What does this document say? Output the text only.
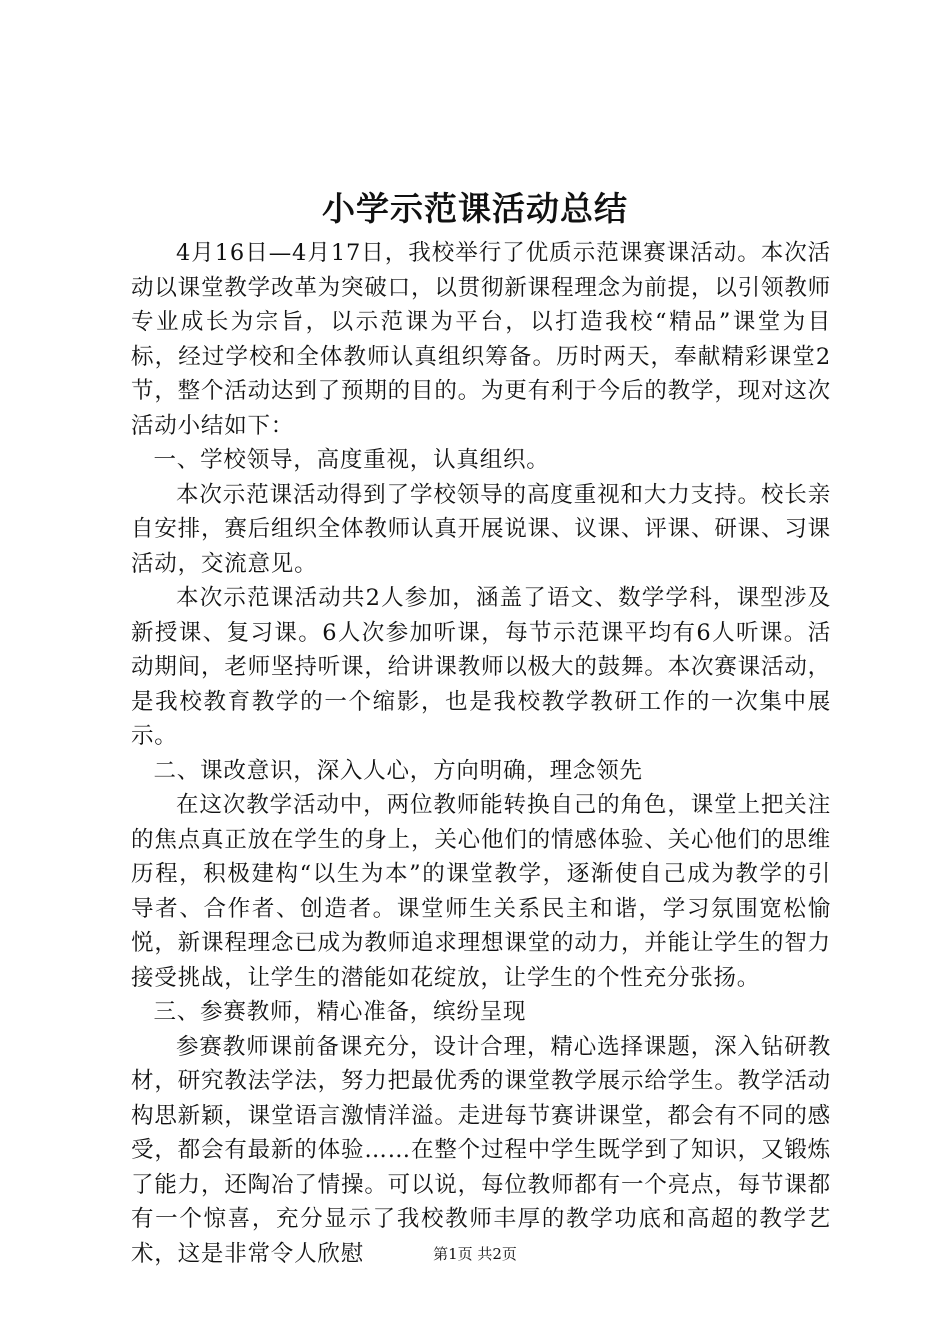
小学示范课活动总结

4月16日—4月17日，我校举行了优质示范课赛课活动。本次活动以课堂教学改革为突破口，以贯彻新课程理念为前提，以引领教师专业成长为宗旨，以示范课为平台，以打造我校“精品”课堂为目标，经过学校和全体教师认真组织筹备。历时两天，奉献精彩课堂2节，整个活动达到了预期的目的。为更有利于今后的教学，现对这次活动小结如下：

一、学校领导，高度重视，认真组织。

本次示范课活动得到了学校领导的高度重视和大力支持。校长亲自安排，赛后组织全体教师认真开展说课、议课、评课、研课、习课活动，交流意见。

本次示范课活动共2人参加，涵盖了语文、数学学科，课型涉及新授课、复习课。6人次参加听课，每节示范课平均有6人听课。活动期间，老师坚持听课，给讲课教师以极大的鼓舞。本次赛课活动，是我校教育教学的一个缩影，也是我校教学教研工作的一次集中展示。

二、课改意识，深入人心，方向明确，理念领先

在这次教学活动中，两位教师能转换自己的角色，课堂上把关注的焦点真正放在学生的身上，关心他们的情感体验、关心他们的思维历程，积极建构“以生为本”的课堂教学，逐渐使自己成为教学的引导者、合作者、创造者。课堂师生关系民主和谐，学习氛围宽松愉悦，新课程理念已成为教师追求理想课堂的动力，并能让学生的智力接受挑战，让学生的潜能如花绽放，让学生的个性充分张扬。

三、参赛教师，精心准备，缤纷呈现

参赛教师课前备课充分，设计合理，精心选择课题，深入钻研教材，研究教法学法，努力把最优秀的课堂教学展示给学生。教学活动构思新颖，课堂语言激情洋溢。走进每节赛讲课堂，都会有不同的感受，都会有最新的体验……在整个过程中学生既学到了知识，又锻炼了能力，还陶冶了情操。可以说，每位教师都有一个亮点，每节课都有一个惊喜，充分显示了我校教师丰厚的教学功底和高超的教学艺术，这是非常令人欣慰	第1页 共2页
